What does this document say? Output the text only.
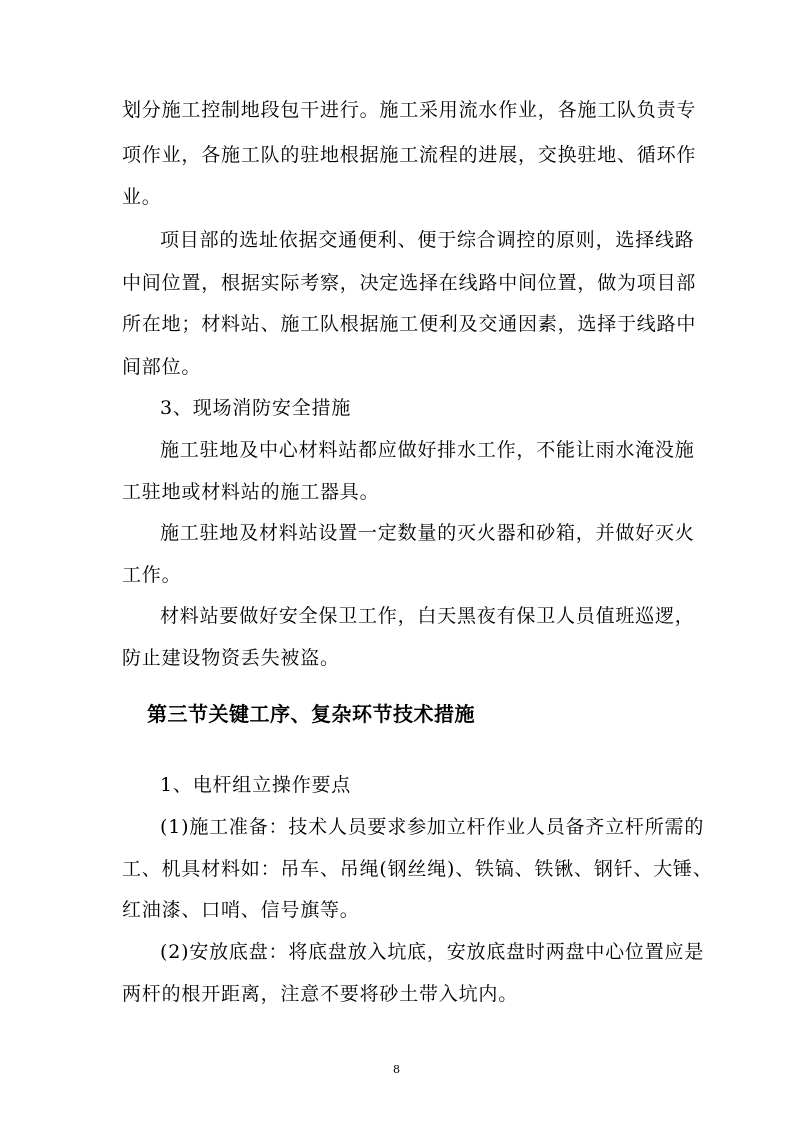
划分施工控制地段包干进行。施工采用流水作业，各施工队负责专
项作业，各施工队的驻地根据施工流程的进展，交换驻地、循环作
业。
项目部的选址依据交通便利、便于综合调控的原则，选择线路
中间位置，根据实际考察，决定选择在线路中间位置，做为项目部
所在地；材料站、施工队根据施工便利及交通因素，选择于线路中
间部位。
3、现场消防安全措施
施工驻地及中心材料站都应做好排水工作，不能让雨水淹没施
工驻地或材料站的施工器具。
施工驻地及材料站设置一定数量的灭火器和砂箱，并做好灭火
工作。
材料站要做好安全保卫工作，白天黑夜有保卫人员值班巡逻，
防止建设物资丢失被盗。
第三节关键工序、复杂环节技术措施
1、电杆组立操作要点
(1)施工准备：技术人员要求参加立杆作业人员备齐立杆所需的
工、机具材料如：吊车、吊绳(钢丝绳)、铁镐、铁锹、钢钎、大锤、
红油漆、口哨、信号旗等。
(2)安放底盘：将底盘放入坑底，安放底盘时两盘中心位置应是
两杆的根开距离，注意不要将砂土带入坑内。
8
